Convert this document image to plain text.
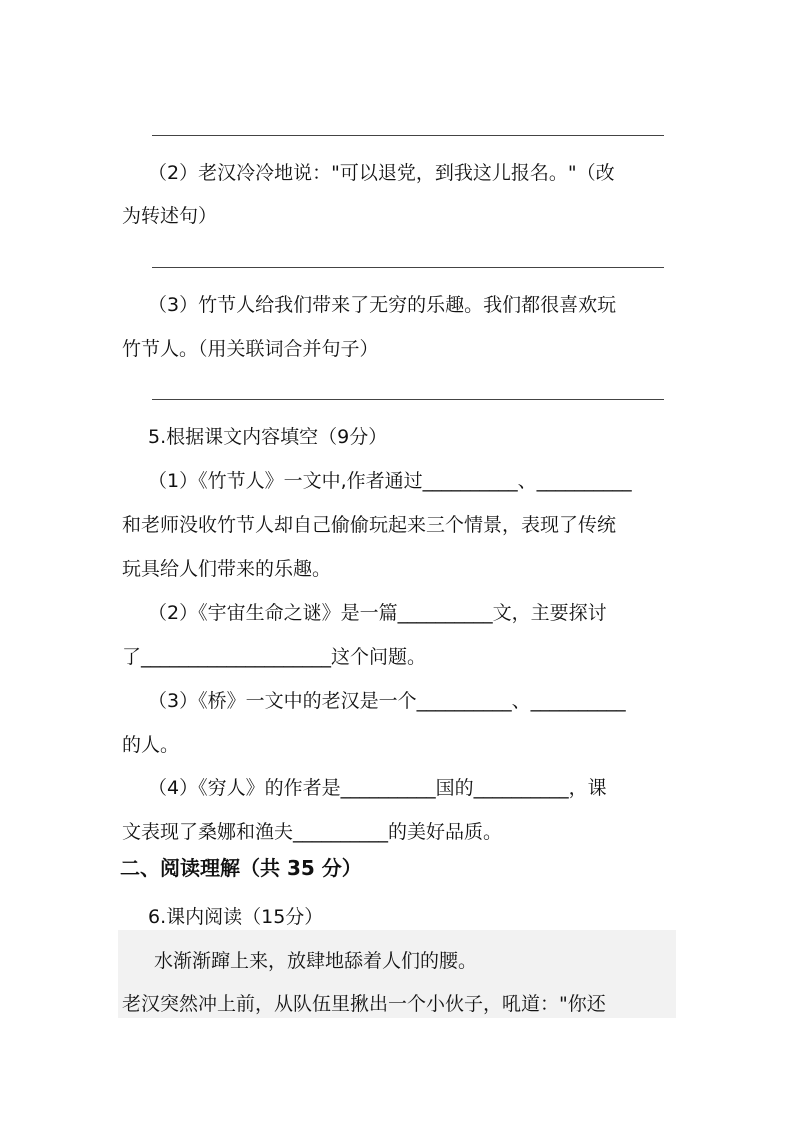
（2）老汉冷冷地说："可以退党，到我这儿报名。"（改
为转述句）
（3）竹节人给我们带来了无穷的乐趣。我们都很喜欢玩
竹节人。（用关联词合并句子）
5.根据课文内容填空（9分）
（1）《竹节人》一文中,作者通过__________、__________
和老师没收竹节人却自己偷偷玩起来三个情景，表现了传统
玩具给人们带来的乐趣。
（2）《宇宙生命之谜》是一篇__________文，主要探讨
了____________________这个问题。
（3）《桥》一文中的老汉是一个__________、__________
的人。
（4）《穷人》的作者是__________国的__________，课
文表现了桑娜和渔夫__________的美好品质。
二、阅读理解（共 35 分）
6.课内阅读（15分）
水渐渐蹿上来，放肆地舔着人们的腰。
老汉突然冲上前，从队伍里揪出一个小伙子，吼道："你还
